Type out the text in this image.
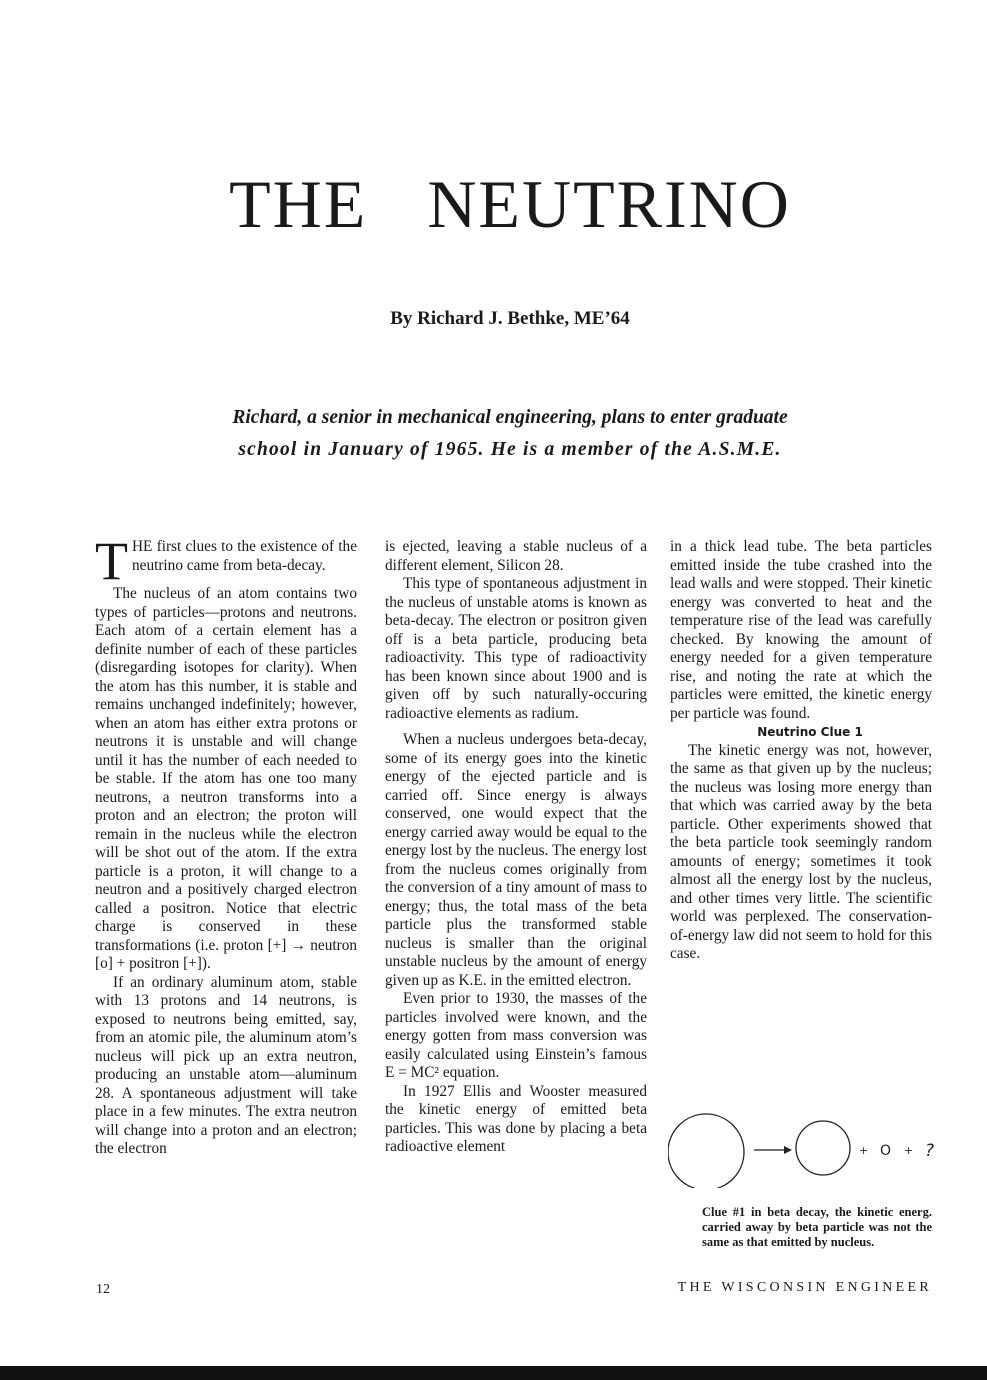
THE NEUTRINO
By Richard J. Bethke, ME’64
Richard, a senior in mechanical engineering, plans to enter graduate
school in January of 1965. He is a member of the A.S.M.E.

THE first clues to the existence of the neutrino came from beta-decay.

The nucleus of an atom contains two types of particles—protons and neutrons. Each atom of a certain element has a definite number of each of these particles (disregarding isotopes for clarity). When the atom has this number, it is stable and remains unchanged indefinitely; however, when an atom has either extra protons or neutrons it is unstable and will change until it has the number of each needed to be stable. If the atom has one too many neutrons, a neutron transforms into a proton and an electron; the proton will remain in the nucleus while the electron will be shot out of the atom. If the extra particle is a proton, it will change to a neutron and a positively charged electron called a positron. Notice that electric charge is conserved in these transformations (i.e. proton [+] → neutron [o] + positron [+]).

If an ordinary aluminum atom, stable with 13 protons and 14 neutrons, is exposed to neutrons being emitted, say, from an atomic pile, the aluminum atom’s nucleus will pick up an extra neutron, producing an unstable atom—aluminum 28. A spontaneous adjustment will take place in a few minutes. The extra neutron will change into a proton and an electron; the electron

is ejected, leaving a stable nucleus of a different element, Silicon 28.

This type of spontaneous adjustment in the nucleus of unstable atoms is known as beta-decay. The electron or positron given off is a beta particle, producing beta radioactivity. This type of radioactivity has been known since about 1900 and is given off by such naturally-occuring radioactive elements as radium.

When a nucleus undergoes beta-decay, some of its energy goes into the kinetic energy of the ejected particle and is carried off. Since energy is always conserved, one would expect that the energy carried away would be equal to the energy lost by the nucleus. The energy lost from the nucleus comes originally from the conversion of a tiny amount of mass to energy; thus, the total mass of the beta particle plus the transformed stable nucleus is smaller than the original unstable nucleus by the amount of energy given up as K.E. in the emitted electron.

Even prior to 1930, the masses of the particles involved were known, and the energy gotten from mass conversion was easily calculated using Einstein’s famous E = MC² equation.

In 1927 Ellis and Wooster measured the kinetic energy of emitted beta particles. This was done by placing a beta radioactive element

in a thick lead tube. The beta particles emitted inside the tube crashed into the lead walls and were stopped. Their kinetic energy was converted to heat and the temperature rise of the lead was carefully checked. By knowing the amount of energy needed for a given temperature rise, and noting the rate at which the particles were emitted, the kinetic energy per particle was found.

Neutrino Clue 1

The kinetic energy was not, however, the same as that given up by the nucleus; the nucleus was losing more energy than that which was carried away by the beta particle. Other experiments showed that the beta particle took seemingly random amounts of energy; sometimes it took almost all the energy lost by the nucleus, and other times very little. The scientific world was perplexed. The conservation-of-energy law did not seem to hold for this case.

+ O + ?
Clue #1 in beta decay, the kinetic energ. carried away by beta particle was not the same as that emitted by nucleus.
12	THE WISCONSIN ENGINEER
